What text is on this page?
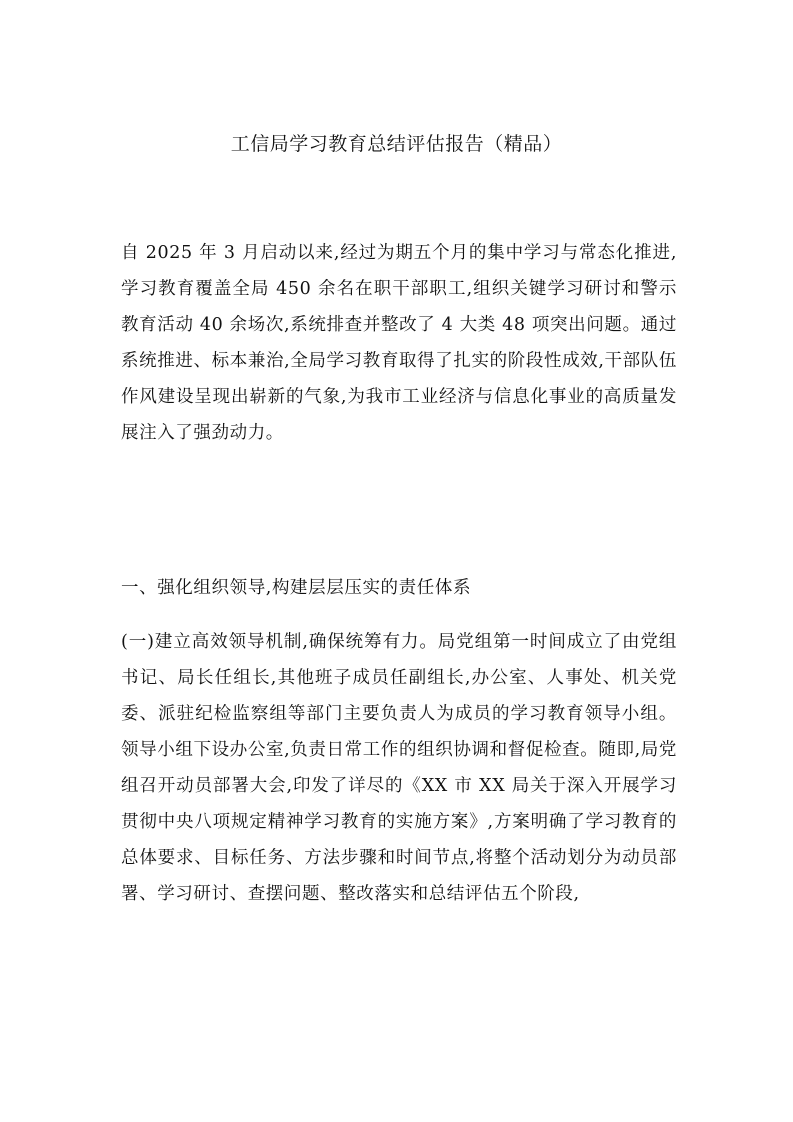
工信局学习教育总结评估报告（精品）

自 2025 年 3 月启动以来,经过为期五个月的集中学习与常态化推进,学习教育覆盖全局 450 余名在职干部职工,组织关键学习研讨和警示教育活动 40 余场次,系统排查并整改了 4 大类 48 项突出问题。通过系统推进、标本兼治,全局学习教育取得了扎实的阶段性成效,干部队伍作风建设呈现出崭新的气象,为我市工业经济与信息化事业的高质量发展注入了强劲动力。

一、强化组织领导,构建层层压实的责任体系

(一)建立高效领导机制,确保统筹有力。局党组第一时间成立了由党组书记、局长任组长,其他班子成员任副组长,办公室、人事处、机关党委、派驻纪检监察组等部门主要负责人为成员的学习教育领导小组。领导小组下设办公室,负责日常工作的组织协调和督促检查。随即,局党组召开动员部署大会,印发了详尽的《XX 市 XX 局关于深入开展学习贯彻中央八项规定精神学习教育的实施方案》,方案明确了学习教育的总体要求、目标任务、方法步骤和时间节点,将整个活动划分为动员部署、学习研讨、查摆问题、整改落实和总结评估五个阶段,
